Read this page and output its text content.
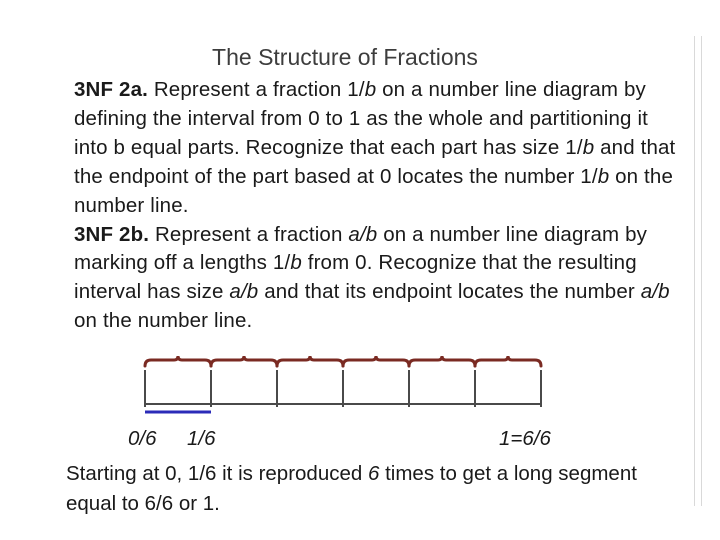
The Structure of Fractions

3NF 2a. Represent a fraction 1/b on a number line diagram by defining the interval from 0 to 1 as the whole and partitioning it into b equal parts. Recognize that each part has size 1/b and that the endpoint of the part based at 0 locates the number 1/b on the number line.
3NF 2b. Represent a fraction a/b on a number line diagram by marking off a lengths 1/b from 0. Recognize that the resulting interval has size a/b and that its endpoint locates the number a/b on the number line.

0/6 1/6	1=6/6

Starting at 0, 1/6 it is reproduced 6 times to get a long segment equal to 6/6 or 1.
